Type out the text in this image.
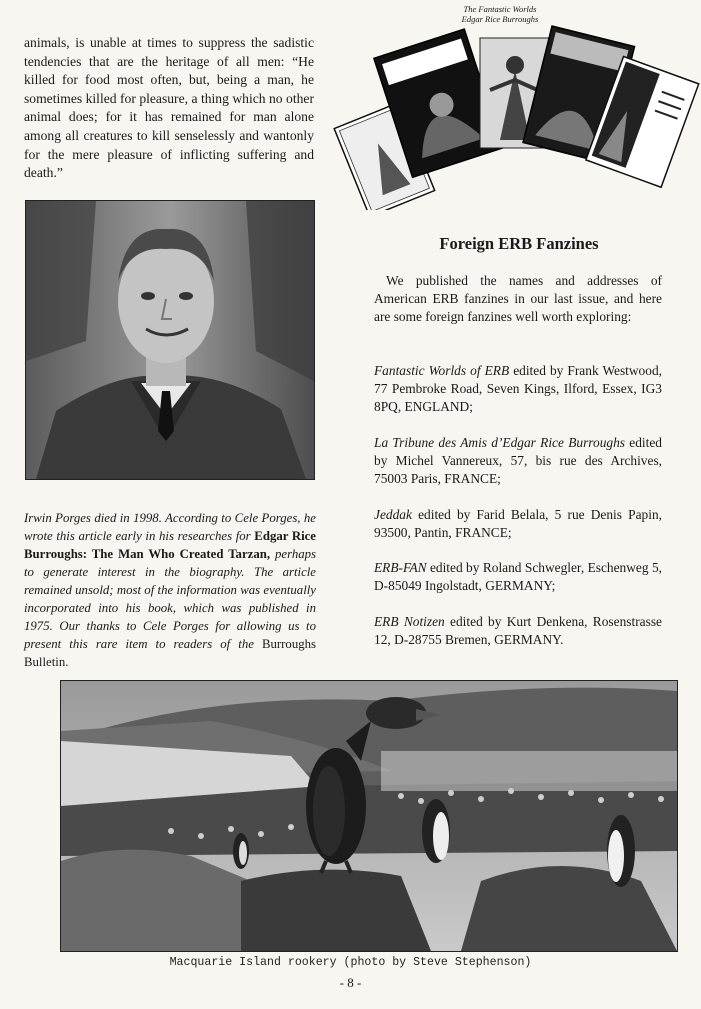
animals, is unable at times to suppress the sadistic tendencies that are the heritage of all men: “He killed for food most often, but, being a man, he sometimes killed for pleasure, a thing which no other animal does; for it has remained for man alone among all creatures to kill senselessly and wantonly for the mere pleasure of inflicting suffering and death.”

The Fantastic Worlds
Edgar Rice Burroughs

Irwin Porges died in 1998. According to Cele Porges, he wrote this article early in his researches for Edgar Rice Burroughs: The Man Who Created Tarzan, perhaps to generate interest in the biography. The article remained unsold; most of the information was eventually incorporated into his book, which was published in 1975. Our thanks to Cele Porges for allowing us to present this rare item to readers of the Burroughs Bulletin.

Foreign ERB Fanzines

We published the names and addresses of American ERB fanzines in our last issue, and here are some foreign fanzines well worth exploring:

Fantastic Worlds of ERB edited by Frank Westwood, 77 Pembroke Road, Seven Kings, Ilford, Essex, IG3 8PQ, ENGLAND;

La Tribune des Amis d’Edgar Rice Burroughs edited by Michel Vannereux, 57, bis rue des Archives, 75003 Paris, FRANCE;

Jeddak edited by Farid Belala, 5 rue Denis Papin, 93500, Pantin, FRANCE;

ERB-FAN edited by Roland Schwegler, Eschenweg 5, D-85049 Ingolstadt, GERMANY;

ERB Notizen edited by Kurt Denkena, Rosenstrasse 12, D-28755 Bremen, GERMANY.

Macquarie Island rookery (photo by Steve Stephenson)
- 8 -
